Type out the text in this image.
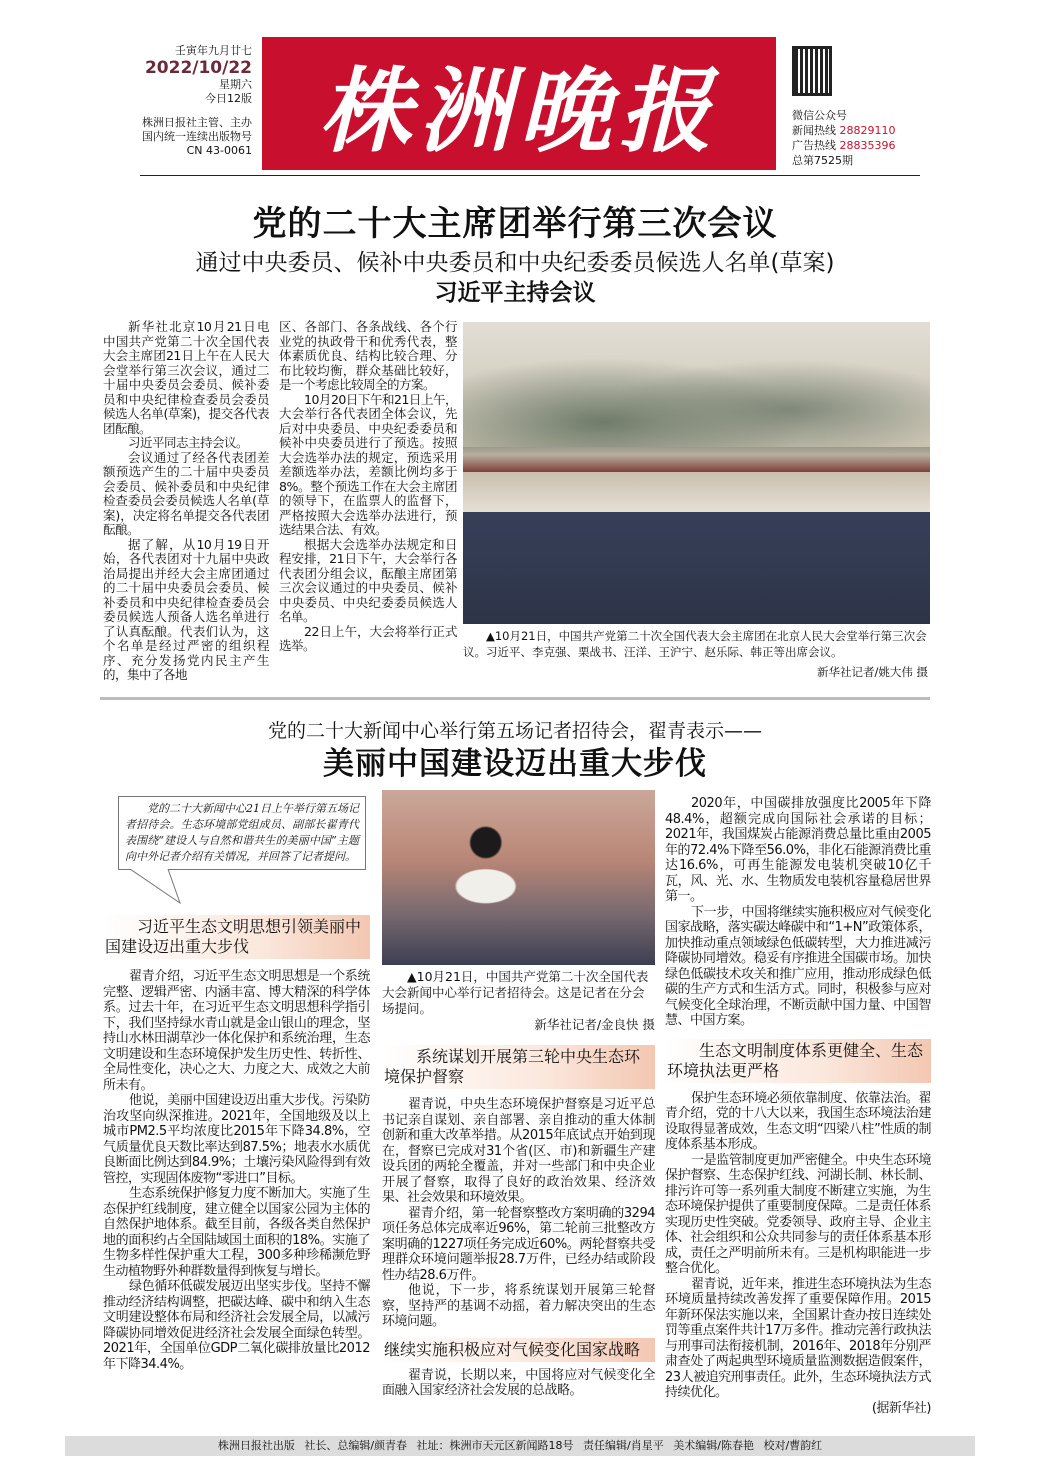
壬寅年九月廿七
2022/10/22
星期六
今日12版
株洲日报社主管、主办
国内统一连续出版物号
CN 43-0061 株洲晚报	微信公众号
新闻热线 28829110
广告热线 28835396
总第7525期
党的二十大主席团举行第三次会议
通过中央委员、候补中央委员和中央纪委委员候选人名单(草案)
习近平主持会议

新华社北京10月21日电 中国共产党第二十次全国代表大会主席团21日上午在人民大会堂举行第三次会议，通过二十届中央委员会委员、候补委员和中央纪律检查委员会委员候选人名单(草案)，提交各代表团酝酿。

习近平同志主持会议。

会议通过了经各代表团差额预选产生的二十届中央委员会委员、候补委员和中央纪律检查委员会委员候选人名单(草案)，决定将名单提交各代表团酝酿。

据了解，从10月19日开始，各代表团对十九届中央政治局提出并经大会主席团通过的二十届中央委员会委员、候补委员和中央纪律检查委员会委员候选人预备人选名单进行了认真酝酿。代表们认为，这个名单是经过严密的组织程序、充分发扬党内民主产生的，集中了各地

区、各部门、各条战线、各个行业党的执政骨干和优秀代表，整体素质优良、结构比较合理、分布比较均衡，群众基础比较好，是一个考虑比较周全的方案。

10月20日下午和21日上午，大会举行各代表团全体会议，先后对中央委员、中央纪委委员和候补中央委员进行了预选。按照大会选举办法的规定，预选采用差额选举办法，差额比例均多于8%。整个预选工作在大会主席团的领导下，在监票人的监督下，严格按照大会选举办法进行，预选结果合法、有效。

根据大会选举办法规定和日程安排，21日下午，大会举行各代表团分组会议，酝酿主席团第三次会议通过的中央委员、候补中央委员、中央纪委委员候选人名单。

22日上午，大会将举行正式选举。

▲10月21日，中国共产党第二十次全国代表大会主席团在北京人民大会堂举行第三次会议。习近平、李克强、栗战书、汪洋、王沪宁、赵乐际、韩正等出席会议。
新华社记者/姚大伟 摄
党的二十大新闻中心举行第五场记者招待会，翟青表示——
美丽中国建设迈出重大步伐
党的二十大新闻中心21日上午举行第五场记者招待会。生态环境部党组成员、副部长翟青代表围绕“建设人与自然和谐共生的美丽中国”主题向中外记者介绍有关情况，并回答了记者提问。
习近平生态文明思想引领美丽中
国建设迈出重大步伐

翟青介绍，习近平生态文明思想是一个系统完整、逻辑严密、内涵丰富、博大精深的科学体系。过去十年，在习近平生态文明思想科学指引下，我们坚持绿水青山就是金山银山的理念，坚持山水林田湖草沙一体化保护和系统治理，生态文明建设和生态环境保护发生历史性、转折性、全局性变化，决心之大、力度之大、成效之大前所未有。

他说，美丽中国建设迈出重大步伐。污染防治攻坚向纵深推进。2021年，全国地级及以上城市PM2.5平均浓度比2015年下降34.8%，空气质量优良天数比率达到87.5%；地表水水质优良断面比例达到84.9%；土壤污染风险得到有效管控，实现固体废物“零进口”目标。

生态系统保护修复力度不断加大。实施了生态保护红线制度，建立健全以国家公园为主体的自然保护地体系。截至目前，各级各类自然保护地的面积约占全国陆域国土面积的18%。实施了生物多样性保护重大工程，300多种珍稀濒危野生动植物野外种群数量得到恢复与增长。

绿色循环低碳发展迈出坚实步伐。坚持不懈推动经济结构调整，把碳达峰、碳中和纳入生态文明建设整体布局和经济社会发展全局，以减污降碳协同增效促进经济社会发展全面绿色转型。2021年，全国单位GDP二氧化碳排放量比2012年下降34.4%。

▲10月21日，中国共产党第二十次全国代表大会新闻中心举行记者招待会。这是记者在分会场提问。
新华社记者/金良快 摄
系统谋划开展第三轮中央生态环
境保护督察

翟青说，中央生态环境保护督察是习近平总书记亲自谋划、亲自部署、亲自推动的重大体制创新和重大改革举措。从2015年底试点开始到现在，督察已完成对31个省(区、市)和新疆生产建设兵团的两轮全覆盖，并对一些部门和中央企业开展了督察，取得了良好的政治效果、经济效果、社会效果和环境效果。

翟青介绍，第一轮督察整改方案明确的3294项任务总体完成率近96%，第二轮前三批整改方案明确的1227项任务完成近60%。两轮督察共受理群众环境问题举报28.7万件，已经办结或阶段性办结28.6万件。

他说，下一步，将系统谋划开展第三轮督察，坚持严的基调不动摇，着力解决突出的生态环境问题。

继续实施积极应对气候变化国家战略

翟青说，长期以来，中国将应对气候变化全面融入国家经济社会发展的总战略。

2020年，中国碳排放强度比2005年下降48.4%，超额完成向国际社会承诺的目标；2021年，我国煤炭占能源消费总量比重由2005年的72.4%下降至56.0%，非化石能源消费比重达16.6%，可再生能源发电装机突破10亿千瓦，风、光、水、生物质发电装机容量稳居世界第一。

下一步，中国将继续实施积极应对气候变化国家战略，落实碳达峰碳中和“1+N”政策体系，加快推动重点领域绿色低碳转型，大力推进减污降碳协同增效。稳妥有序推进全国碳市场。加快绿色低碳技术攻关和推广应用，推动形成绿色低碳的生产方式和生活方式。同时，积极参与应对气候变化全球治理，不断贡献中国力量、中国智慧、中国方案。

生态文明制度体系更健全、生态
环境执法更严格

保护生态环境必须依靠制度、依靠法治。翟青介绍，党的十八大以来，我国生态环境法治建设取得显著成效，生态文明“四梁八柱”性质的制度体系基本形成。

一是监管制度更加严密健全。中央生态环境保护督察、生态保护红线、河湖长制、林长制、排污许可等一系列重大制度不断建立实施，为生态环境保护提供了重要制度保障。二是责任体系实现历史性突破。党委领导、政府主导、企业主体、社会组织和公众共同参与的责任体系基本形成，责任之严明前所未有。三是机构职能进一步整合优化。

翟青说，近年来，推进生态环境执法为生态环境质量持续改善发挥了重要保障作用。2015年新环保法实施以来，全国累计查办按日连续处罚等重点案件共计17万多件。推动完善行政执法与刑事司法衔接机制，2016年、2018年分别严肃查处了两起典型环境质量监测数据造假案件，23人被追究刑事责任。此外，生态环境执法方式持续优化。

(据新华社)

株洲日报社出版 社长、总编辑/颜青春 社址：株洲市天元区新闻路18号 责任编辑/肖星平 美术编辑/陈春艳 校对/曹韵红
